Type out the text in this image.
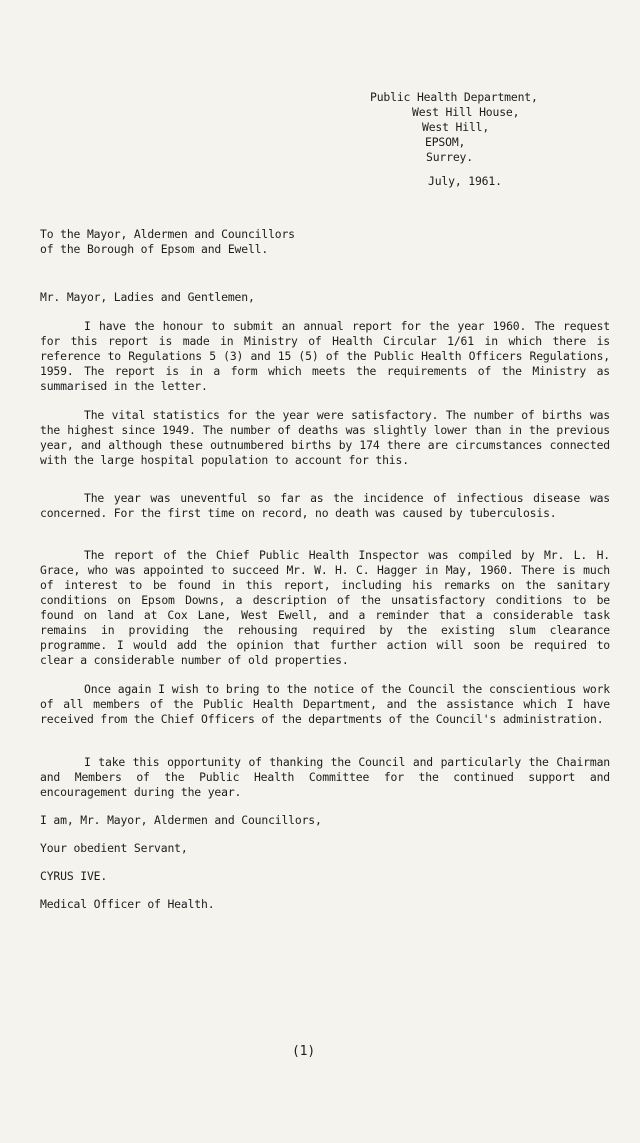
Public Health Department,
West Hill House,
West Hill,
EPSOM,
Surrey.
July, 1961.
To the Mayor, Aldermen and Councillors
of the Borough of Epsom and Ewell.
Mr. Mayor, Ladies and Gentlemen,
I have the honour to submit an annual report for the year 1960. The request for this report is made in Ministry of Health Circular 1/61 in which there is reference to Regulations 5 (3) and 15 (5) of the Public Health Officers Regulations, 1959. The report is in a form which meets the requirements of the Ministry as summarised in the letter.
The vital statistics for the year were satisfactory. The number of births was the highest since 1949. The number of deaths was slightly lower than in the previous year, and although these outnumbered births by 174 there are circumstances connected with the large hospital population to account for this.
The year was uneventful so far as the incidence of infectious disease was concerned. For the first time on record, no death was caused by tuberculosis.
The report of the Chief Public Health Inspector was compiled by Mr. L. H. Grace, who was appointed to succeed Mr. W. H. C. Hagger in May, 1960. There is much of interest to be found in this report, including his remarks on the sanitary conditions on Epsom Downs, a description of the unsatisfactory conditions to be found on land at Cox Lane, West Ewell, and a reminder that a considerable task remains in providing the rehousing required by the existing slum clearance programme. I would add the opinion that further action will soon be required to clear a considerable number of old properties.
Once again I wish to bring to the notice of the Council the conscientious work of all members of the Public Health Department, and the assistance which I have received from the Chief Officers of the departments of the Council's administration.
I take this opportunity of thanking the Council and particularly the Chairman and Members of the Public Health Committee for the continued support and encouragement during the year.
I am, Mr. Mayor, Aldermen and Councillors,
Your obedient Servant,
CYRUS IVE.
Medical Officer of Health.
(1)
